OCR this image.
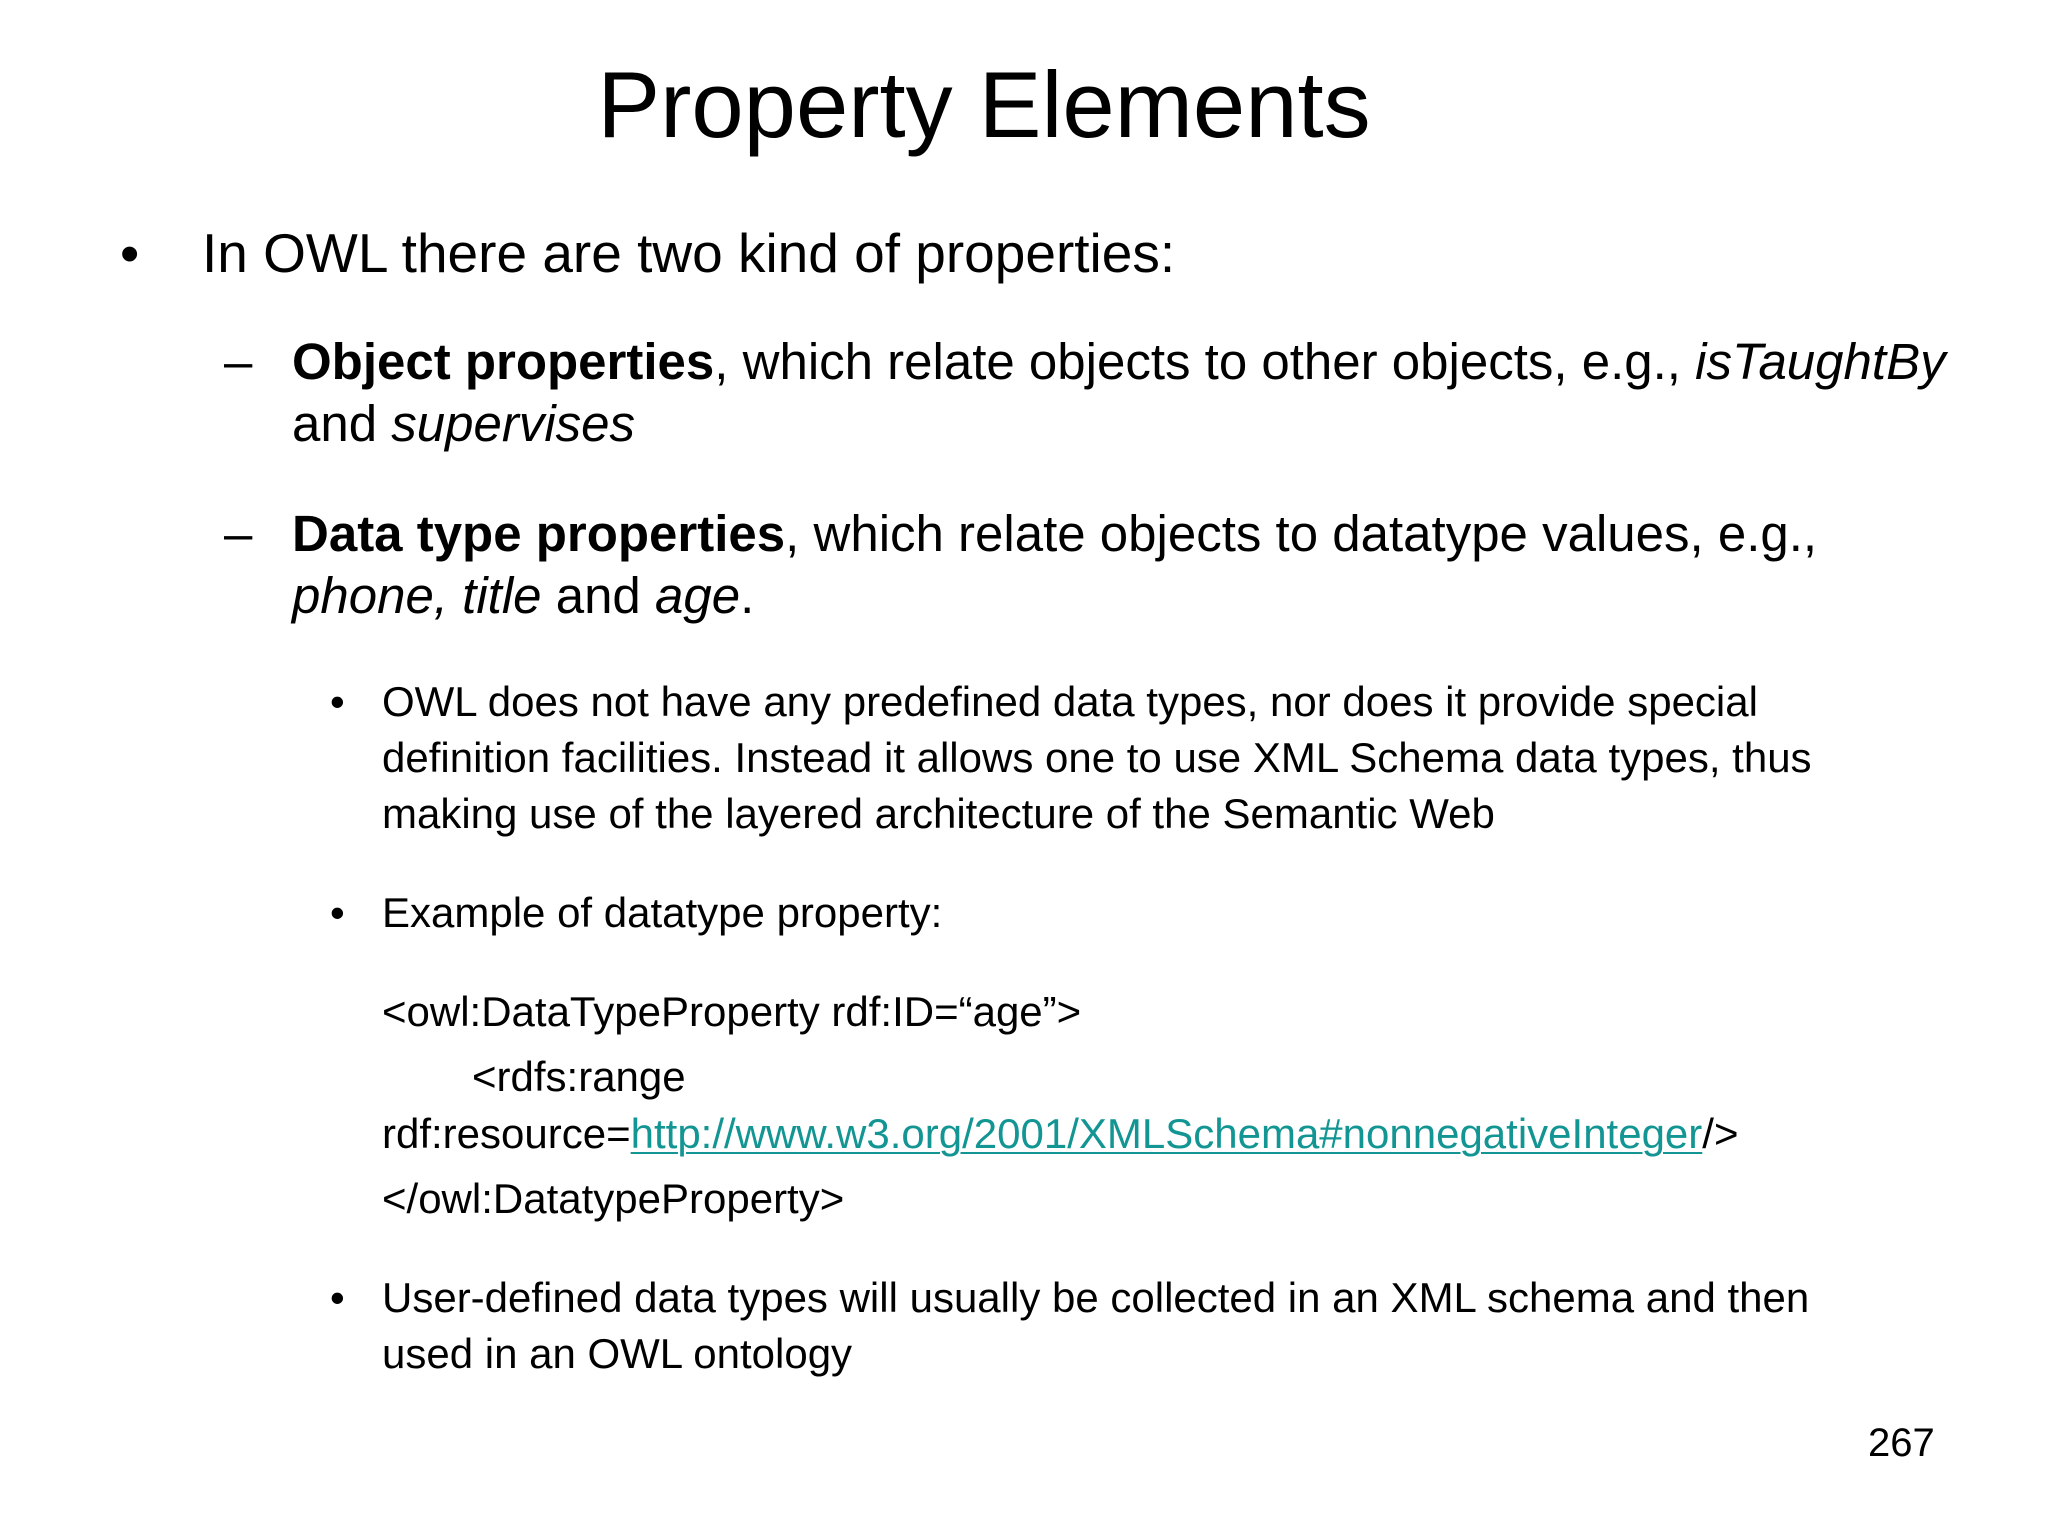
Property Elements
• In OWL there are two kind of properties:
– Object properties, which relate objects to other objects, e.g., isTaughtBy
and supervises
– Data type properties, which relate objects to datatype values, e.g.,
phone, title and age.
• OWL does not have any predefined data types, nor does it provide special
definition facilities. Instead it allows one to use XML Schema data types, thus
making use of the layered architecture of the Semantic Web
• Example of datatype property:
<owl:DataTypeProperty rdf:ID=“age”>
<rdfs:range
rdf:resource=http://www.w3.org/2001/XMLSchema#nonnegativeInteger/>
</owl:DatatypeProperty>
• User-defined data types will usually be collected in an XML schema and then
used in an OWL ontology
267
